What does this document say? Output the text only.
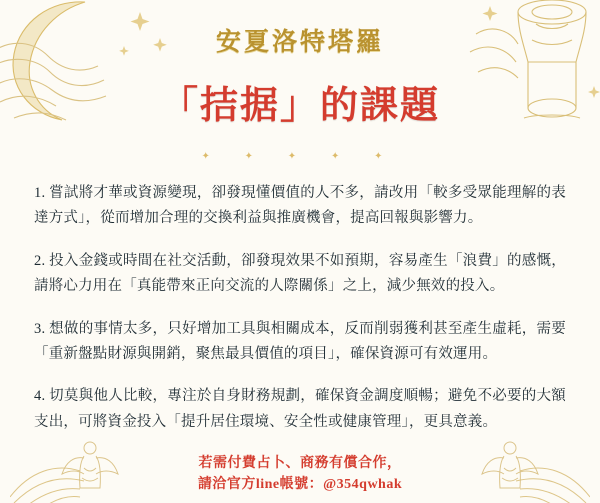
安夏洛特塔羅
「拮据」的課題
✦ ✦ ✦ ✦ ✦

1. 嘗試將才華或資源變現，卻發現懂價值的人不多，請改用「較多受眾能理解的表達方式」，從而增加合理的交換利益與推廣機會，提高回報與影響力。

2. 投入金錢或時間在社交活動，卻發現效果不如預期，容易產生「浪費」的感慨，請將心力用在「真能帶來正向交流的人際關係」之上，減少無效的投入。

3. 想做的事情太多，只好增加工具與相關成本，反而削弱獲利甚至產生虛耗，需要「重新盤點財源與開銷，聚焦最具價值的項目」，確保資源可有效運用。

4. 切莫與他人比較，專注於自身財務規劃，確保資金調度順暢；避免不必要的大額支出，可將資金投入「提升居住環境、安全性或健康管理」，更具意義。

若需付費占卜、商務有償合作，
請洽官方line帳號：@354qwhak
